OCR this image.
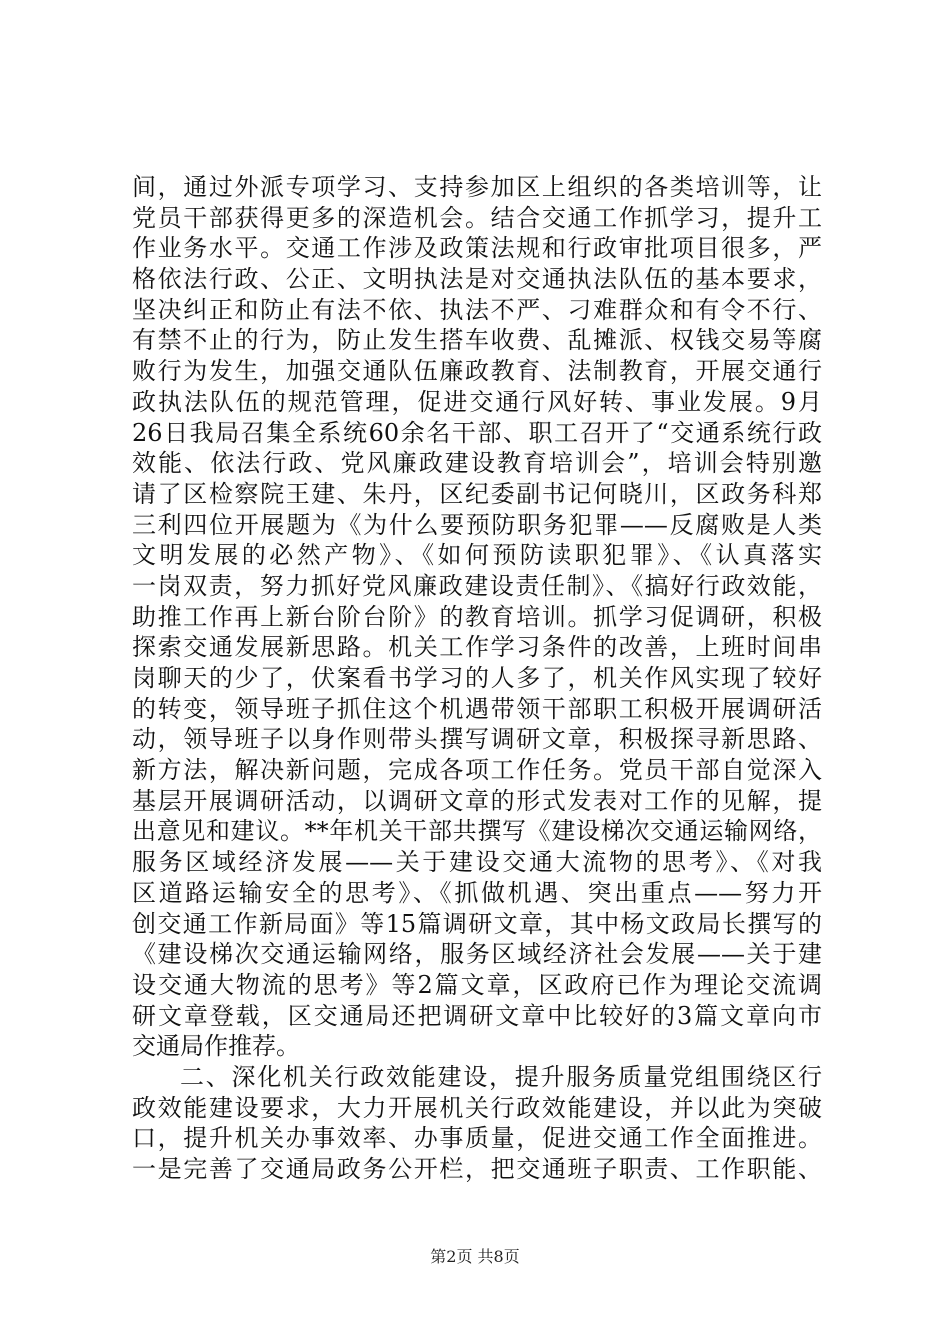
间，通过外派专项学习、支持参加区上组织的各类培训等，让
党员干部获得更多的深造机会。结合交通工作抓学习，提升工
作业务水平。交通工作涉及政策法规和行政审批项目很多，严
格依法行政、公正、文明执法是对交通执法队伍的基本要求，
坚决纠正和防止有法不依、执法不严、刁难群众和有令不行、
有禁不止的行为，防止发生搭车收费、乱摊派、权钱交易等腐
败行为发生，加强交通队伍廉政教育、法制教育，开展交通行
政执法队伍的规范管理，促进交通行风好转、事业发展。9月
26日我局召集全系统60余名干部、职工召开了“交通系统行政
效能、依法行政、党风廉政建设教育培训会”，培训会特别邀
请了区检察院王建、朱丹，区纪委副书记何晓川，区政务科郑
三利四位开展题为《为什么要预防职务犯罪——反腐败是人类
文明发展的必然产物》、《如何预防读职犯罪》、《认真落实
一岗双责，努力抓好党风廉政建设责任制》、《搞好行政效能，
助推工作再上新台阶台阶》的教育培训。抓学习促调研，积极
探索交通发展新思路。机关工作学习条件的改善，上班时间串
岗聊天的少了，伏案看书学习的人多了，机关作风实现了较好
的转变，领导班子抓住这个机遇带领干部职工积极开展调研活
动，领导班子以身作则带头撰写调研文章，积极探寻新思路、
新方法，解决新问题，完成各项工作任务。党员干部自觉深入
基层开展调研活动，以调研文章的形式发表对工作的见解，提
出意见和建议。**年机关干部共撰写《建设梯次交通运输网络，
服务区域经济发展——关于建设交通大流物的思考》、《对我
区道路运输安全的思考》、《抓做机遇、突出重点——努力开
创交通工作新局面》等15篇调研文章，其中杨文政局长撰写的
《建设梯次交通运输网络，服务区域经济社会发展——关于建
设交通大物流的思考》等2篇文章，区政府已作为理论交流调
研文章登载，区交通局还把调研文章中比较好的3篇文章向市
交通局作推荐。
二、深化机关行政效能建设，提升服务质量党组围绕区行
政效能建设要求，大力开展机关行政效能建设，并以此为突破
口，提升机关办事效率、办事质量，促进交通工作全面推进。
一是完善了交通局政务公开栏，把交通班子职责、工作职能、
第2页 共8页
